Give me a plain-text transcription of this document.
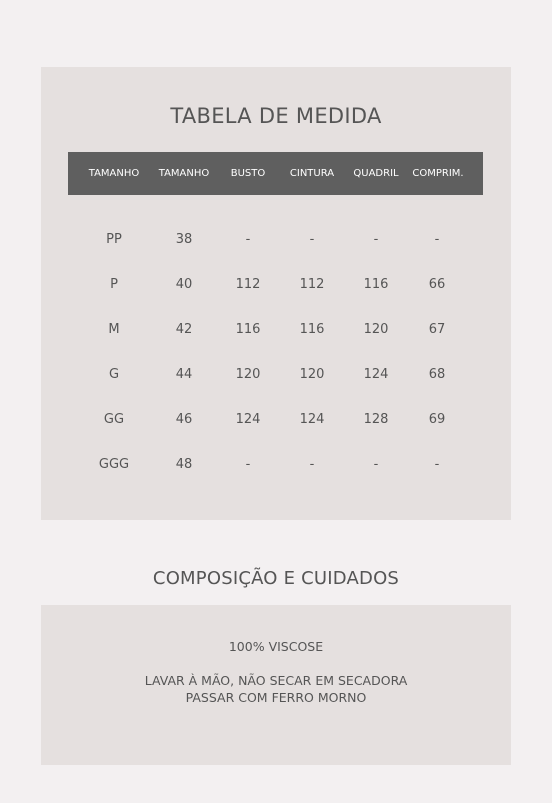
TABELA DE MEDIDA
TAMANHO TAMANHO BUSTO CINTURA QUADRIL COMPRIM.
PP	38	-	-	-	-
P	40	112	112	116	66
M	42	116	116	120	67
G	44	120	120	124	68
GG	46	124	124	128	69
GGG	48	-	-	-	-
COMPOSIÇÃO E CUIDADOS
100% VISCOSE
LAVAR À MÃO, NÃO SECAR EM SECADORA
PASSAR COM FERRO MORNO
